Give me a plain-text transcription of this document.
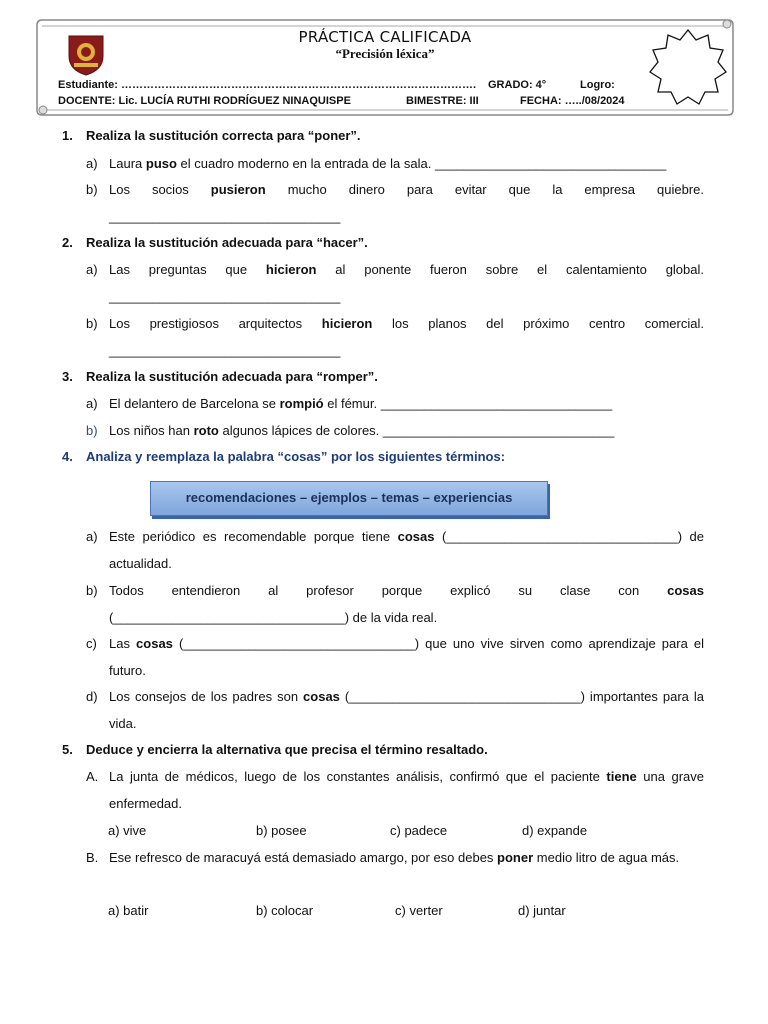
PRÁCTICA CALIFICADA
“Precisión léxica”
Estudiante: ……………………………………………………………………………………. GRADO: 4°	Logro:
DOCENTE: Lic. LUCÍA RUTHI RODRÍGUEZ NINAQUISPE	BIMESTRE: III	FECHA: …../08/2024
1. Realiza la sustitución correcta para “poner”.
a) Laura puso el cuadro moderno en la entrada de la sala. ________________________________
b) Los socios pusieron mucho dinero para evitar que la empresa quiebre. ________________________________
2. Realiza la sustitución adecuada para “hacer”.
a) Las preguntas que hicieron al ponente fueron sobre el calentamiento global. ________________________________
b) Los prestigiosos arquitectos hicieron los planos del próximo centro comercial. ________________________________
3. Realiza la sustitución adecuada para “romper”.
a) El delantero de Barcelona se rompió el fémur. ________________________________
b) Los niños han roto algunos lápices de colores. ________________________________
4. Analiza y reemplaza la palabra “cosas” por los siguientes términos:
recomendaciones – ejemplos – temas – experiencias
a) Este periódico es recomendable porque tiene cosas (________________________________) de actualidad.
b) Todos entendieron al profesor porque explicó su clase con cosas (________________________________) de la vida real.
c) Las cosas (________________________________) que uno vive sirven como aprendizaje para el futuro.
d) Los consejos de los padres son cosas (________________________________) importantes para la vida.
5. Deduce y encierra la alternativa que precisa el término resaltado.
A. La junta de médicos, luego de los constantes análisis, confirmó que el paciente tiene una grave enfermedad.
a) vive	b) posee	c) padece	d) expande
B. Ese refresco de maracuyá está demasiado amargo, por eso debes poner medio litro de agua más.
a) batir	b) colocar	c) verter	d) juntar
